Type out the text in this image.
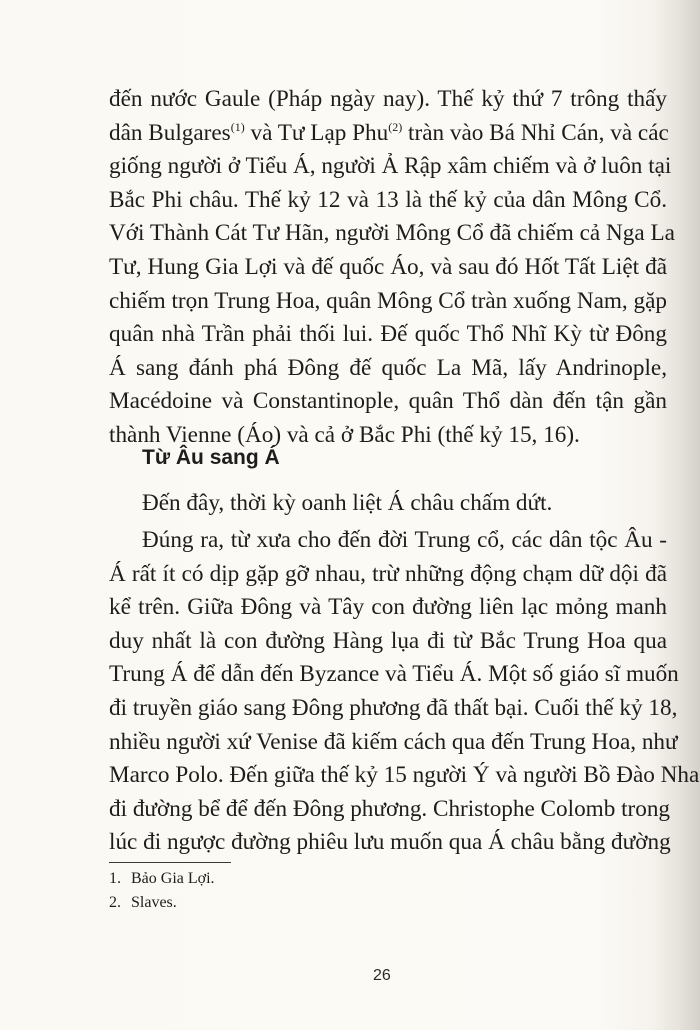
đến nước Gaule (Pháp ngày nay). Thế kỷ thứ 7 trông thấy
dân Bulgares$^{(1)}$ và Tư Lạp Phu$^{(2)}$ tràn vào Bá Nhỉ Cán, và các
giống người ở Tiểu Á, người Ả Rập xâm chiếm và ở luôn tại
Bắc Phi châu. Thế kỷ 12 và 13 là thế kỷ của dân Mông Cổ.
Với Thành Cát Tư Hãn, người Mông Cổ đã chiếm cả Nga La
Tư, Hung Gia Lợi và đế quốc Áo, và sau đó Hốt Tất Liệt đã
chiếm trọn Trung Hoa, quân Mông Cổ tràn xuống Nam, gặp
quân nhà Trần phải thối lui. Đế quốc Thổ Nhĩ Kỳ từ Đông
Á sang đánh phá Đông đế quốc La Mã, lấy Andrinople,
Macédoine và Constantinople, quân Thổ dàn đến tận gần
thành Vienne (Áo) và cả ở Bắc Phi (thế kỷ 15, 16).
Từ Âu sang Á
Đến đây, thời kỳ oanh liệt Á châu chấm dứt.
Đúng ra, từ xưa cho đến đời Trung cổ, các dân tộc Âu -
Á rất ít có dịp gặp gỡ nhau, trừ những động chạm dữ dội đã
kể trên. Giữa Đông và Tây con đường liên lạc mỏng manh
duy nhất là con đường Hàng lụa đi từ Bắc Trung Hoa qua
Trung Á để dẫn đến Byzance và Tiểu Á. Một số giáo sĩ muốn
đi truyền giáo sang Đông phương đã thất bại. Cuối thế kỷ 18,
nhiều người xứ Venise đã kiếm cách qua đến Trung Hoa, như
Marco Polo. Đến giữa thế kỷ 15 người Ý và người Bồ Đào Nha
đi đường bể để đến Đông phương. Christophe Colomb trong
lúc đi ngược đường phiêu lưu muốn qua Á châu bằng đường
1. Bảo Gia Lợi.
2. Slaves.
26
